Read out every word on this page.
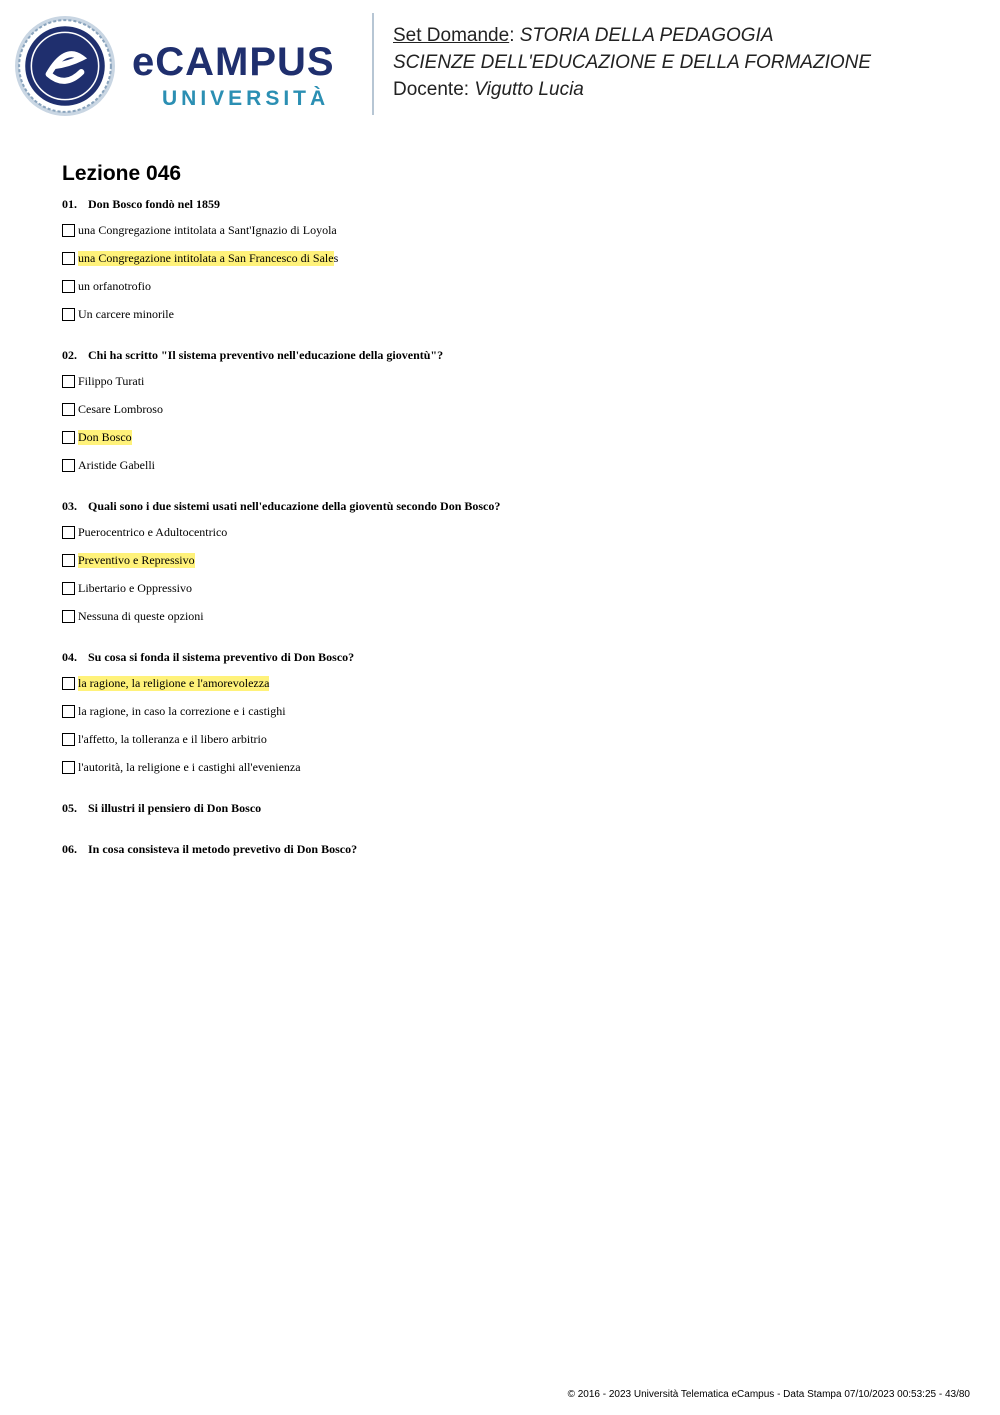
eCAMPUS
UNIVERSITÀ
Set Domande: STORIA DELLA PEDAGOGIA
SCIENZE DELL'EDUCAZIONE E DELLA FORMAZIONE
Docente: Vigutto Lucia
Lezione 046

01. Don Bosco fondò nel 1859

una Congregazione intitolata a Sant'Ignazio di Loyola
una Congregazione intitolata a San Francesco di Sale s
un orfanotrofio
Un carcere minorile

02. Chi ha scritto "Il sistema preventivo nell'educazione della gioventù"?

Filippo Turati
Cesare Lombroso
Don Bosco
Aristide Gabelli

03. Quali sono i due sistemi usati nell'educazione della gioventù secondo Don Bosco?

Puerocentrico e Adultocentrico
Preventivo e Repressivo
Libertario e Oppressivo
Nessuna di queste opzioni

04. Su cosa si fonda il sistema preventivo di Don Bosco?

la ragione, la religione e l'amorevolezza
la ragione, in caso la correzione e i castighi
l'affetto, la tolleranza e il libero arbitrio
l'autorità, la religione e i castighi all'evenienza

05. Si illustri il pensiero di Don Bosco

06. In cosa consisteva il metodo prevetivo di Don Bosco?

© 2016 - 2023 Università Telematica eCampus - Data Stampa 07/10/2023 00:53:25 - 43/80
